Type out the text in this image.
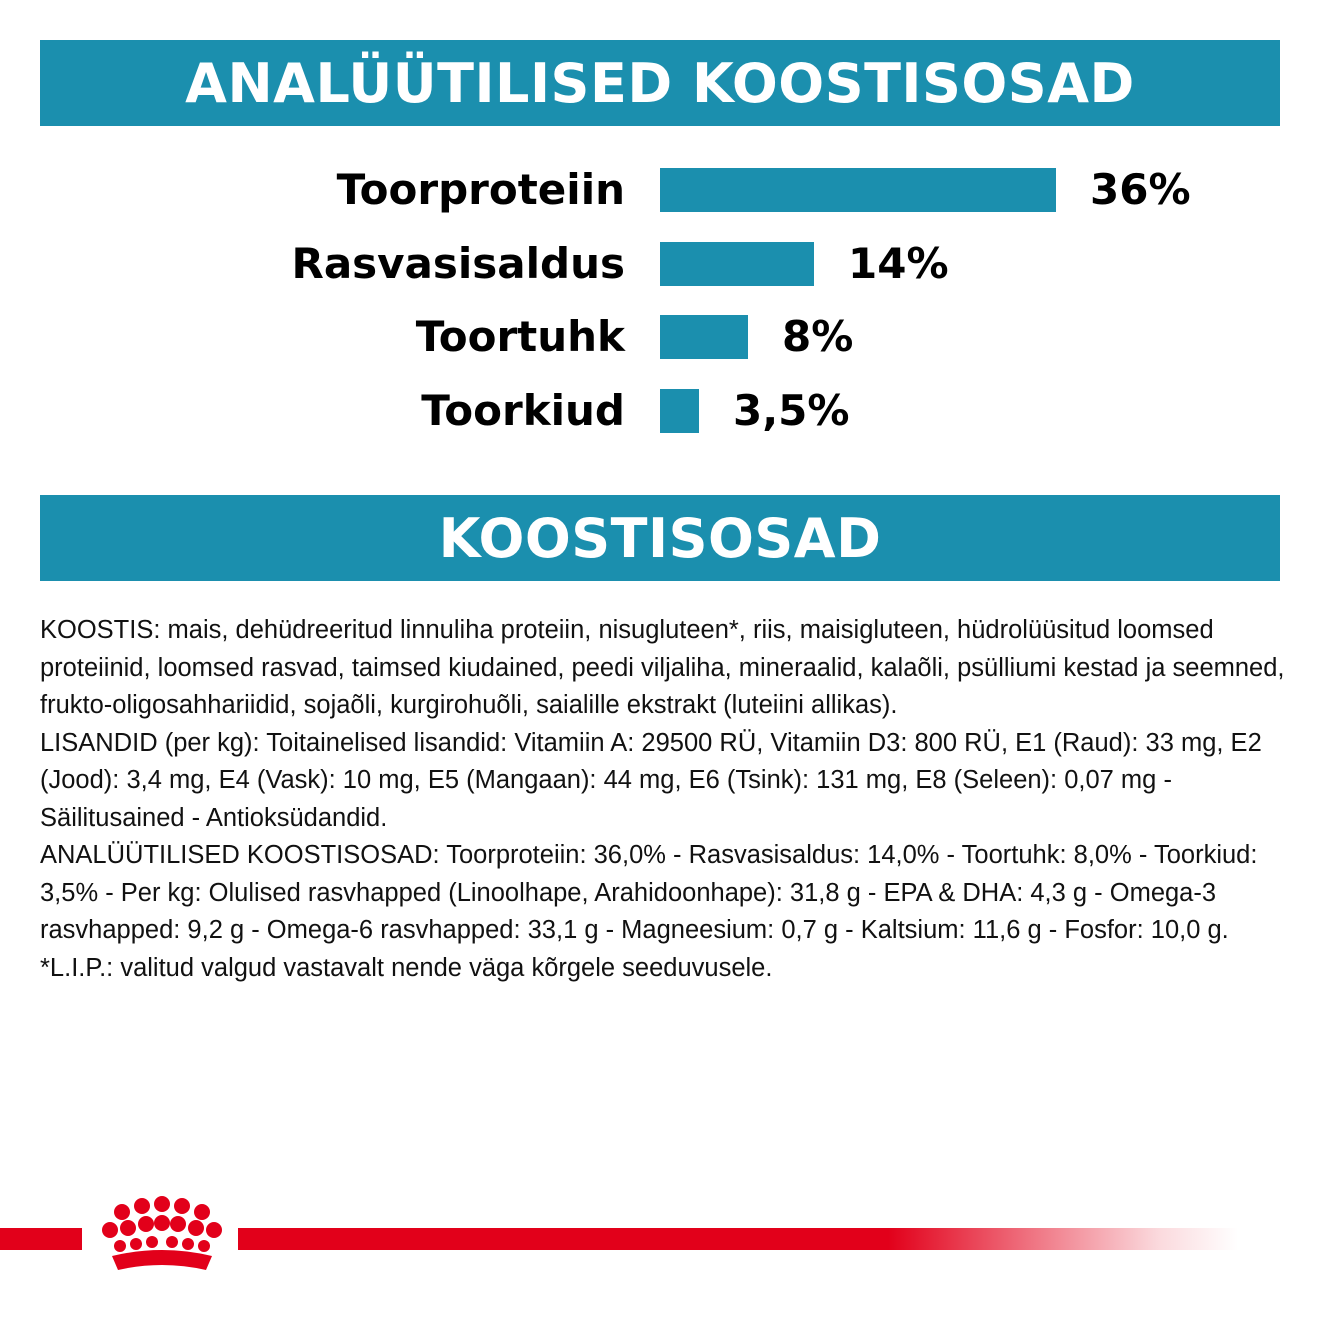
ANALÜÜTILISED KOOSTISOSAD
Toorproteiin	36%
Rasvasisaldus	14%
Toortuhk	8%
Toorkiud	3,5%
KOOSTISOSAD

KOOSTIS: mais, dehüdreeritud linnuliha proteiin, nisugluteen*, riis, maisigluteen, hüdrolüüsitud loomsed proteiinid, loomsed rasvad, taimsed kiudained, peedi viljaliha, mineraalid, kalaõli, psülliumi kestad ja seemned, frukto-oligosahhariidid, sojaõli, kurgirohuõli, saialille ekstrakt (luteiini allikas).

LISANDID (per kg): Toitainelised lisandid: Vitamiin A: 29500 RÜ, Vitamiin D3: 800 RÜ, E1 (Raud): 33 mg, E2 (Jood): 3,4 mg, E4 (Vask): 10 mg, E5 (Mangaan): 44 mg, E6 (Tsink): 131 mg, E8 (Seleen): 0,07 mg - Säilitusained - Antioksüdandid.

ANALÜÜTILISED KOOSTISOSAD: Toorproteiin: 36,0% - Rasvasisaldus: 14,0% - Toortuhk: 8,0% - Toorkiud: 3,5% - Per kg: Olulised rasvhapped (Linoolhape, Arahidoonhape): 31,8 g - EPA & DHA: 4,3 g - Omega-3 rasvhapped: 9,2 g - Omega-6 rasvhapped: 33,1 g - Magneesium: 0,7 g - Kaltsium: 11,6 g - Fosfor: 10,0 g.

*L.I.P.: valitud valgud vastavalt nende väga kõrgele seeduvusele.
